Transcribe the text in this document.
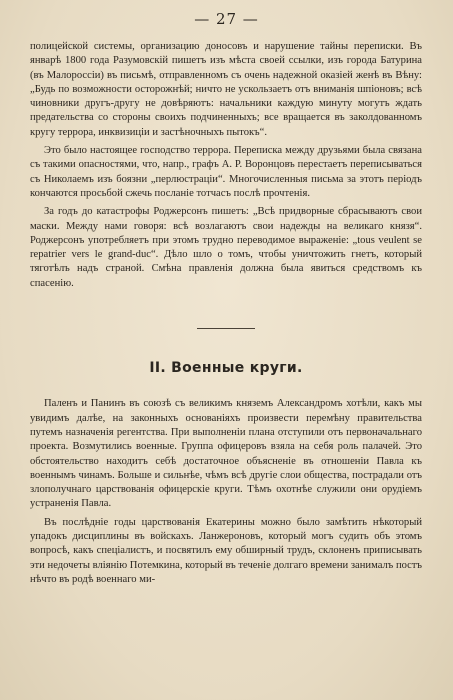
— 27 —

полицейской системы, организацию доносовъ и нарушение тайны переписки. Въ январѣ 1800 года Разумовскій пишетъ изъ мѣста своей ссылки, изъ города Батурина (въ Малороссіи) въ письмѣ, отправленномъ съ очень надежной оказіей женѣ въ Вѣну: „Будь по возможности осторожнѣй; ничто не ускользаетъ отъ вниманія шпіоновъ; всѣ чиновники другъ-другу не довѣряютъ: начальники каждую минуту могутъ ждать предательства со стороны своихъ подчиненныхъ; все вращается въ заколдованномъ кругу террора, инквизиціи и застѣночныхъ пытокъ“.

Это было настоящее господство террора. Переписка между друзьями была связана съ такими опасностями, что, напр., графъ А. Р. Воронцовъ перестаетъ переписываться съ Николаемъ изъ боязни „перлюстраціи“. Многочисленныя письма за этотъ періодъ кончаются просьбой сжечь посланіе тотчасъ послѣ прочтенія.

За годъ до катастрофы Роджерсонъ пишетъ: „Всѣ придворные сбрасываютъ свои маски. Между нами говоря: всѣ возлагаютъ свои надежды на великаго князя“. Роджерсонъ употребляетъ при этомъ трудно переводимое выраженіе: „tous veulent se repatrier vers le grand-duc“. Дѣло шло о томъ, чтобы уничтожить гнетъ, который тяготѣлъ надъ страной. Смѣна правленія должна была явиться средствомъ къ спасенію.

II. Военные круги.

Паленъ и Панинъ въ союзѣ съ великимъ княземъ Александромъ хотѣли, какъ мы увидимъ далѣе, на законныхъ основаніяхъ произвести перемѣну правительства путемъ назначенія регентства. При выполненіи плана отступили отъ первоначальнаго проекта. Возмутились военные. Группа офицеровъ взяла на себя роль палачей. Это обстоятельство находитъ себѣ достаточное объясненіе въ отношеніи Павла къ военнымъ чинамъ. Больше и сильнѣе, чѣмъ всѣ другіе слои общества, пострадали отъ злополучнаго царствованія офицерскіе круги. Тѣмъ охотнѣе служили они орудіемъ устраненія Павла.

Въ послѣдніе годы царствованія Екатерины можно было замѣтить нѣкоторый упадокъ дисциплины въ войскахъ. Ланжероновъ, который могъ судить объ этомъ вопросѣ, какъ спеціалистъ, и посвятилъ ему обширный трудъ, склоненъ приписывать эти недочеты вліянію Потемкина, который въ теченіе долгаго времени занималъ постъ нѣчто въ родѣ военнаго ми-
